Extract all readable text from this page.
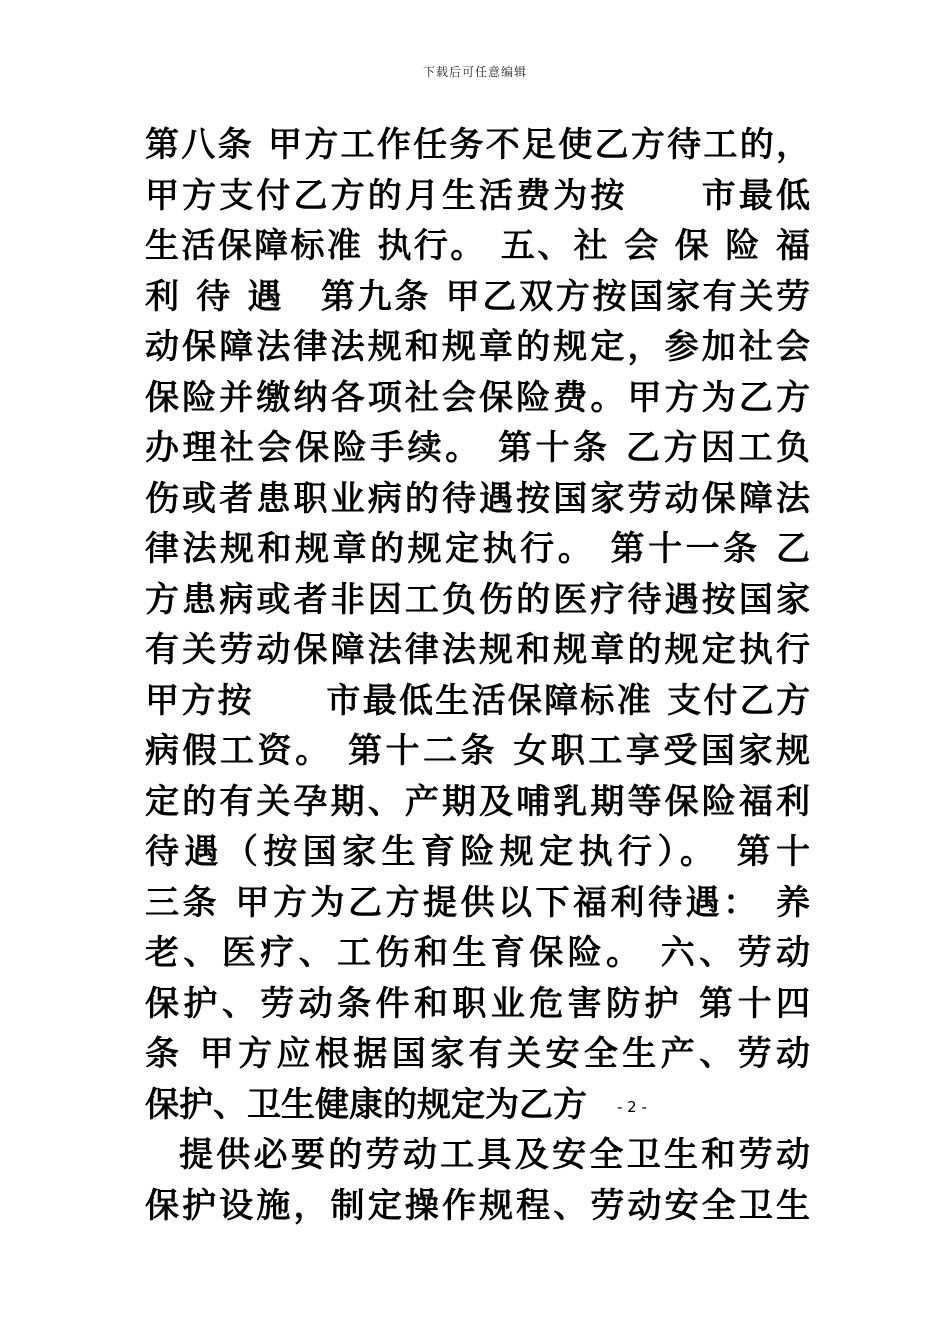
下载后可任意编辑
第八条 甲方工作任务不足使乙方待工的，
甲方支付乙方的月生活费为按　　市最低
生活保障标准 执行。 五、社 会 保 险 福
利 待 遇　第九条 甲乙双方按国家有关劳
动保障法律法规和规章的规定，参加社会
保险并缴纳各项社会保险费。甲方为乙方
办理社会保险手续。 第十条 乙方因工负
伤或者患职业病的待遇按国家劳动保障法
律法规和规章的规定执行。 第十一条 乙
方患病或者非因工负伤的医疗待遇按国家
有关劳动保障法律法规和规章的规定执行
甲方按　　市最低生活保障标准 支付乙方
病假工资。 第十二条 女职工享受国家规
定的有关孕期、产期及哺乳期等保险福利
待遇（按国家生育险规定执行）。 第十
三条 甲方为乙方提供以下福利待遇： 养
老、医疗、工伤和生育保险。 六、劳动
保护、劳动条件和职业危害防护 第十四
条 甲方应根据国家有关安全生产、劳动
保护、卫生健康的规定为乙方 - 2 -
提供必要的劳动工具及安全卫生和劳动
保护设施，制定操作规程、劳动安全卫生
